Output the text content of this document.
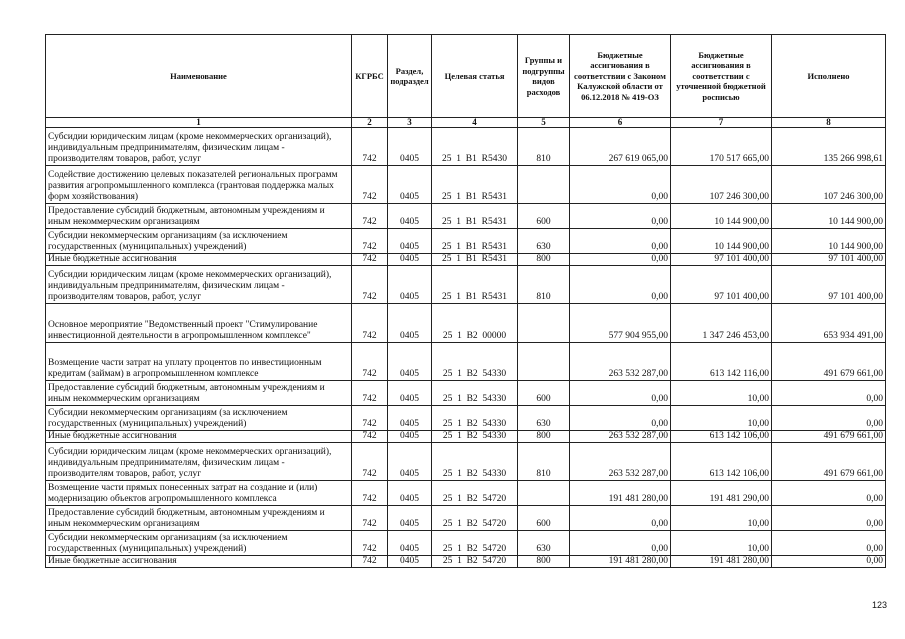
Наименование	КГРБС	Раздел, подраздел	Целевая статья	Группы и подгруппы видов расходов	Бюджетные ассигнования в соответствии с Законом Калужской области от 06.12.2018 № 419-ОЗ	Бюджетные ассигнования в соответствии с уточненной бюджетной росписью	Исполнено
1	2	3	4	5	6	7	8
Субсидии юридическим лицам (кроме некоммерческих организаций), индивидуальным предпринимателям, физическим лицам - производителям товаров, работ, услуг	742	0405	25  1  В1  R5430	810	267 619 065,00	170 517 665,00	135 266 998,61
Содействие достижению целевых показателей региональных программ развития агропромышленного комплекса (грантовая поддержка малых форм хозяйствования)	742	0405	25  1  В1  R5431		0,00	107 246 300,00	107 246 300,00
Предоставление субсидий бюджетным, автономным учреждениям и иным некоммерческим организациям	742	0405	25  1  В1  R5431	600	0,00	10 144 900,00	10 144 900,00
Субсидии некоммерческим организациям (за исключением государственных (муниципальных) учреждений)	742	0405	25  1  В1  R5431	630	0,00	10 144 900,00	10 144 900,00
Иные бюджетные ассигнования	742	0405	25  1  В1  R5431	800	0,00	97 101 400,00	97 101 400,00
Субсидии юридическим лицам (кроме некоммерческих организаций), индивидуальным предпринимателям, физическим лицам - производителям товаров, работ, услуг	742	0405	25  1  В1  R5431	810	0,00	97 101 400,00	97 101 400,00
Основное мероприятие "Ведомственный проект "Стимулирование инвестиционной деятельности в агропромышленном комплексе"	742	0405	25  1  В2  00000		577 904 955,00	1 347 246 453,00	653 934 491,00
Возмещение части затрат на уплату процентов по инвестиционным кредитам (займам) в агропромышленном комплексе	742	0405	25  1  В2  54330		263 532 287,00	613 142 116,00	491 679 661,00
Предоставление субсидий бюджетным, автономным учреждениям и иным некоммерческим организациям	742	0405	25  1  В2  54330	600	0,00	10,00	0,00
Субсидии некоммерческим организациям (за исключением государственных (муниципальных) учреждений)	742	0405	25  1  В2  54330	630	0,00	10,00	0,00
Иные бюджетные ассигнования	742	0405	25  1  В2  54330	800	263 532 287,00	613 142 106,00	491 679 661,00
Субсидии юридическим лицам (кроме некоммерческих организаций), индивидуальным предпринимателям, физическим лицам - производителям товаров, работ, услуг	742	0405	25  1  В2  54330	810	263 532 287,00	613 142 106,00	491 679 661,00
Возмещение части прямых понесенных затрат на создание и (или) модернизацию объектов агропромышленного комплекса	742	0405	25  1  В2  54720		191 481 280,00	191 481 290,00	0,00
Предоставление субсидий бюджетным, автономным учреждениям и иным некоммерческим организациям	742	0405	25  1  В2  54720	600	0,00	10,00	0,00
Субсидии некоммерческим организациям (за исключением государственных (муниципальных) учреждений)	742	0405	25  1  В2  54720	630	0,00	10,00	0,00
Иные бюджетные ассигнования	742	0405	25  1  В2  54720	800	191 481 280,00	191 481 280,00	0,00
123
